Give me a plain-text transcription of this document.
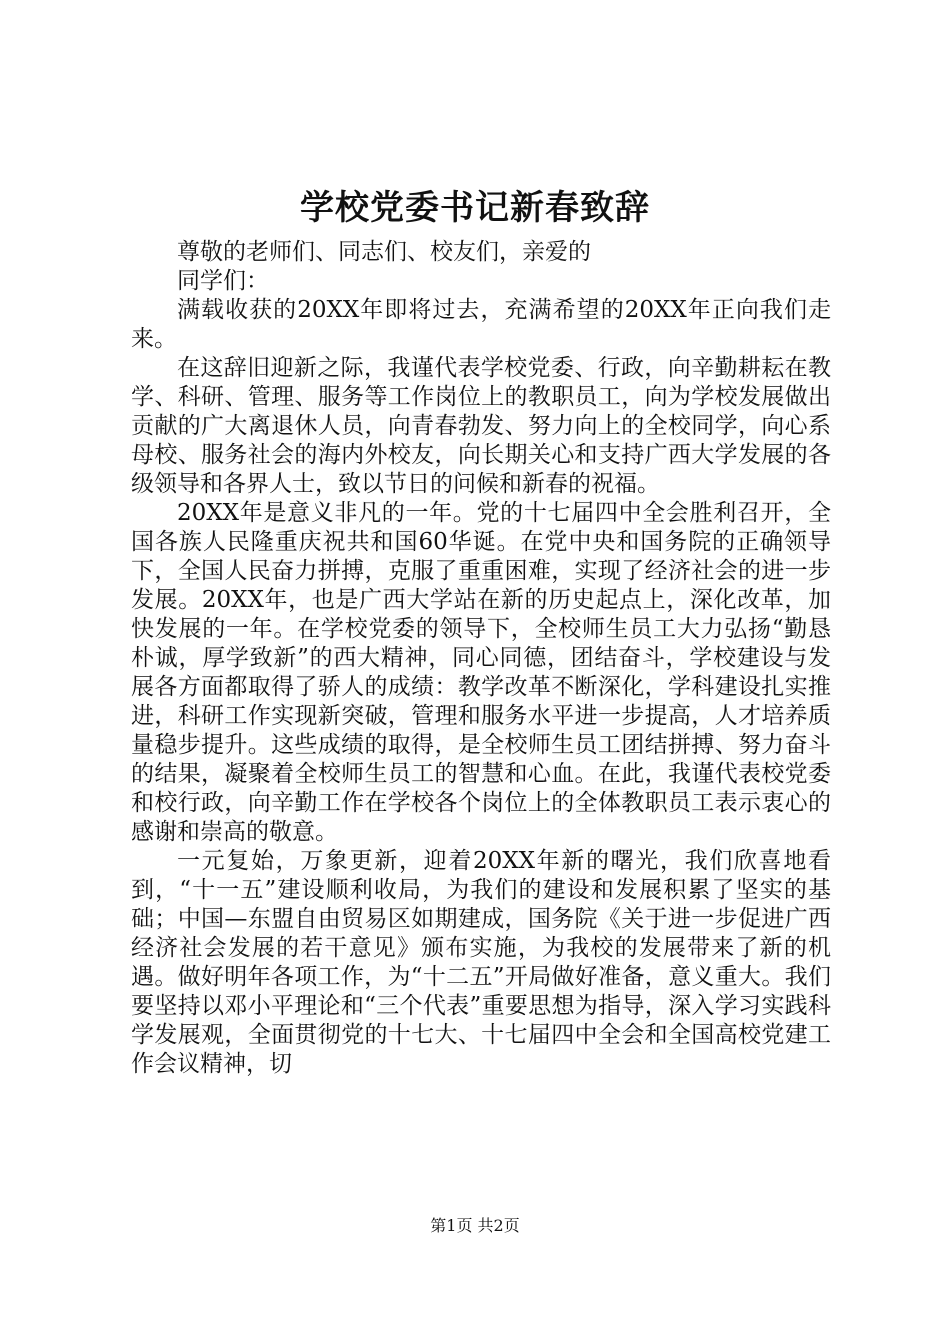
学校党委书记新春致辞

尊敬的老师们、同志们、校友们，亲爱的

同学们：

满载收获的20XX年即将过去，充满希望的20XX年正向我们走来。

在这辞旧迎新之际，我谨代表学校党委、行政，向辛勤耕耘在教学、科研、管理、服务等工作岗位上的教职员工，向为学校发展做出贡献的广大离退休人员，向青春勃发、努力向上的全校同学，向心系母校、服务社会的海内外校友，向长期关心和支持广西大学发展的各级领导和各界人士，致以节日的问候和新春的祝福。

20XX年是意义非凡的一年。党的十七届四中全会胜利召开，全国各族人民隆重庆祝共和国60华诞。在党中央和国务院的正确领导下，全国人民奋力拼搏，克服了重重困难，实现了经济社会的进一步发展。20XX年，也是广西大学站在新的历史起点上，深化改革，加快发展的一年。在学校党委的领导下，全校师生员工大力弘扬“勤恳朴诚，厚学致新”的西大精神，同心同德，团结奋斗，学校建设与发展各方面都取得了骄人的成绩：教学改革不断深化，学科建设扎实推进，科研工作实现新突破，管理和服务水平进一步提高，人才培养质量稳步提升。这些成绩的取得，是全校师生员工团结拼搏、努力奋斗的结果，凝聚着全校师生员工的智慧和心血。在此，我谨代表校党委和校行政，向辛勤工作在学校各个岗位上的全体教职员工表示衷心的感谢和崇高的敬意。

一元复始，万象更新，迎着20XX年新的曙光，我们欣喜地看到，“十一五”建设顺利收局，为我们的建设和发展积累了坚实的基础；中国—东盟自由贸易区如期建成，国务院《关于进一步促进广西经济社会发展的若干意见》颁布实施，为我校的发展带来了新的机遇。做好明年各项工作，为“十二五”开局做好准备，意义重大。我们要坚持以邓小平理论和“三个代表”重要思想为指导，深入学习实践科学发展观，全面贯彻党的十七大、十七届四中全会和全国高校党建工作会议精神，切

第1页 共2页
